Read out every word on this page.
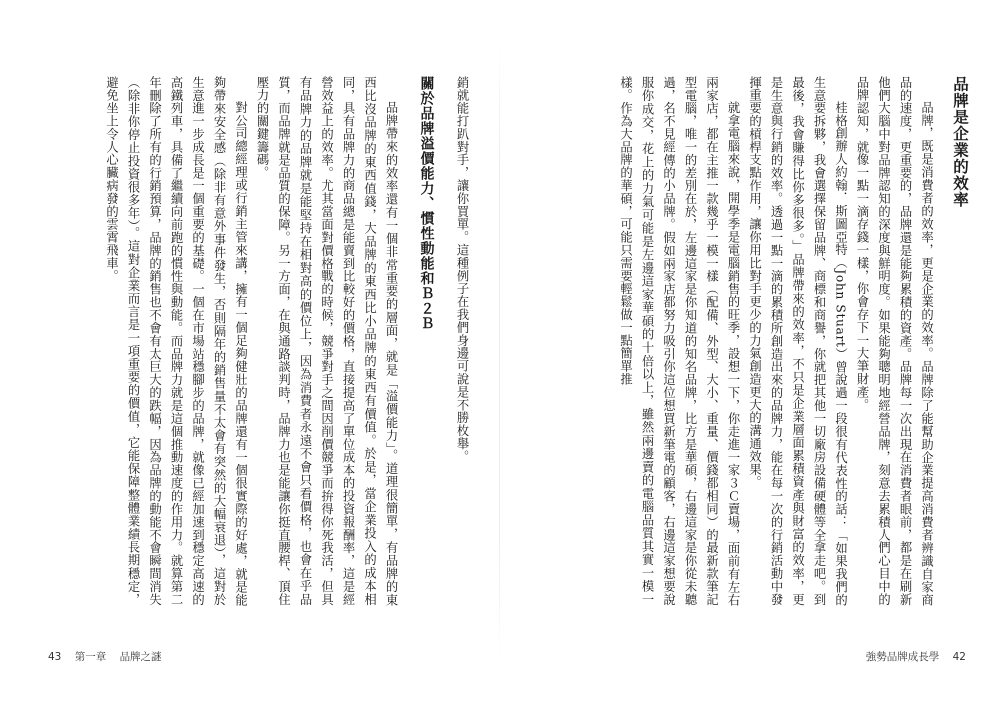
品牌是企業的效率

品牌，既是消費者的效率，更是企業的效率。品牌除了能幫助企業提高消費者辨識自家商品的速度，更重要的，品牌還是能夠累積的資產。品牌每一次出現在消費者眼前，都是在刷新他們大腦中對品牌認知的深度與鮮明度。如果能夠聰明地經營品牌，刻意去累積人們心目中的品牌認知，就像一點一滴存錢一樣，你會存下一大筆財產。

桂格創辦人約翰．斯圖亞特（John Stuart）曾說過一段很有代表性的話：「如果我們的生意要拆夥，我會選擇保留品牌、商標和商譽，你就把其他一切廠房設備硬體等全拿走吧。到最後，我會賺得比你多很多。」品牌帶來的效率，不只是企業層面累積資產與財富的效率，更是生意與行銷的效率。透過一點一滴的累積所創造出來的品牌力，能在每一次的行銷活動中發揮重要的槓桿支點作用，讓你用比對手更少的力氣創造更大的溝通效果。

就拿電腦來說，開學季是電腦銷售的旺季，設想一下，你走進一家３Ｃ賣場，面前有左右兩家店，都在主推一款幾乎一模一樣（配備、外型、大小、重量、價錢都相同）的最新款筆記型電腦，唯一的差別在於，左邊這家是你知道的知名品牌，比方是華碩，右邊這家是你從未聽過，名不見經傳的小品牌。假如兩家店都努力吸引你這位想買新筆電的顧客，右邊這家想要說服你成交，花上的力氣可能是左邊這家華碩的十倍以上，雖然兩邊賣的電腦品質其實一模一樣。作為大品牌的華碩，可能只需要輕鬆做一點簡單推

強勢品牌成長學 42

銷就能打趴對手，讓你買單。這種例子在我們身邊可說是不勝枚舉。

關於品牌溢價能力、慣性動能和Ｂ２Ｂ

品牌帶來的效率還有一個非常重要的層面，就是「溢價能力」。道理很簡單，有品牌的東西比沒品牌的東西值錢，大品牌的東西比小品牌的東西有價值。於是，當企業投入的成本相同，具有品牌力的商品總是能賣到比較好的價格，直接提高了單位成本的投資報酬率，這是經營效益上的效率。尤其當面對價格戰的時候，競爭對手之間因削價競爭而拚得你死我活，但具有品牌力的品牌就是能堅持在相對高的價位上，因為消費者永遠不會只看價格，也會在乎品質，而品牌就是品質的保障。另一方面，在與通路談判時，品牌力也是能讓你挺直腰桿、頂住壓力的關鍵籌碼。

對公司總經理或行銷主管來講，擁有一個足夠健壯的品牌還有一個很實際的好處，就是能夠帶來安全感（除非有意外事件發生，否則隔年的銷售量不太會有突然的大幅衰退），這對於生意進一步成長是一個重要的基礎。一個在市場站穩腳步的品牌，就像已經加速到穩定高速的高鐵列車，具備了繼續向前跑的慣性與動能。而品牌力就是這個推動速度的作用力。就算第二年刪除了所有的行銷預算，品牌的銷售也不會有太巨大的跌幅，因為品牌的動能不會瞬間消失（除非你停止投資很多年）。這對企業而言是一項重要的價值，它能保障整體業績長期穩定，避免坐上令人心臟病發的雲霄飛車。

43 第一章 品牌之謎
